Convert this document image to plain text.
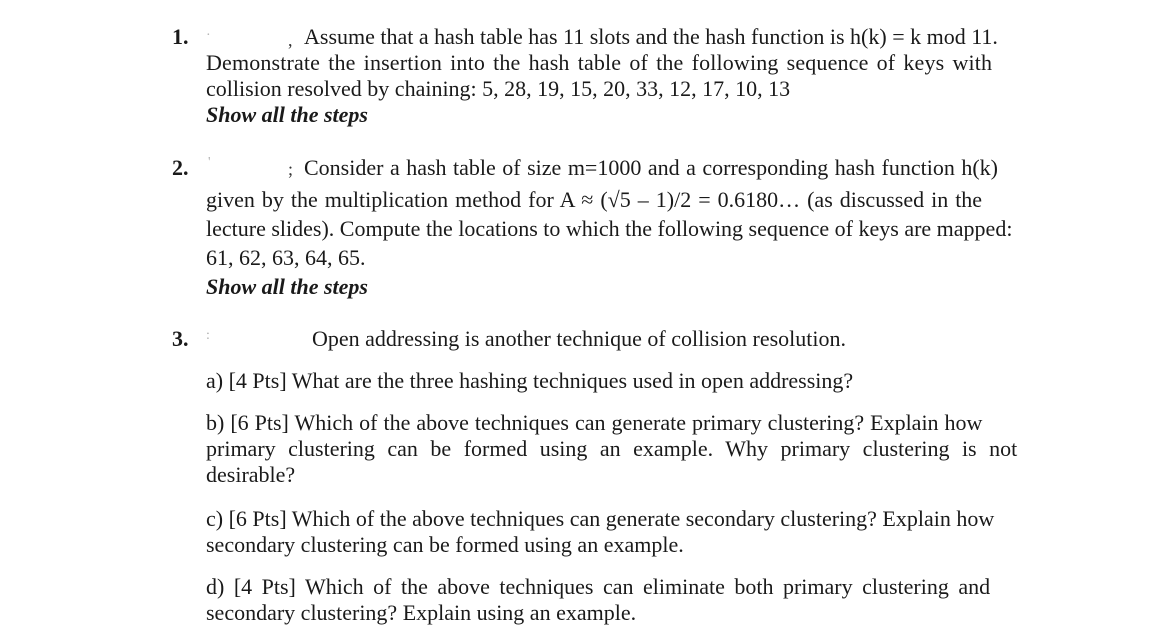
1. ·	, Assume that a hash table has 11 slots and the hash function is h(k) = k mod 11.
Demonstrate the insertion into the hash table of the following sequence of keys with
collision resolved by chaining: 5, 28, 19, 15, 20, 33, 12, 17, 10, 13
Show all the steps
2. '	; Consider a hash table of size m=1000 and a corresponding hash function h(k)
given by the multiplication method for A ≈ (√5 – 1)/2 = 0.6180… (as discussed in the
lecture slides). Compute the locations to which the following sequence of keys are mapped:
61, 62, 63, 64, 65.
Show all the steps
3. :	Open addressing is another technique of collision resolution.
a) [4 Pts] What are the three hashing techniques used in open addressing?
b) [6 Pts] Which of the above techniques can generate primary clustering? Explain how
primary clustering can be formed using an example. Why primary clustering is not
desirable?
c) [6 Pts] Which of the above techniques can generate secondary clustering? Explain how
secondary clustering can be formed using an example.
d) [4 Pts] Which of the above techniques can eliminate both primary clustering and
secondary clustering? Explain using an example.
